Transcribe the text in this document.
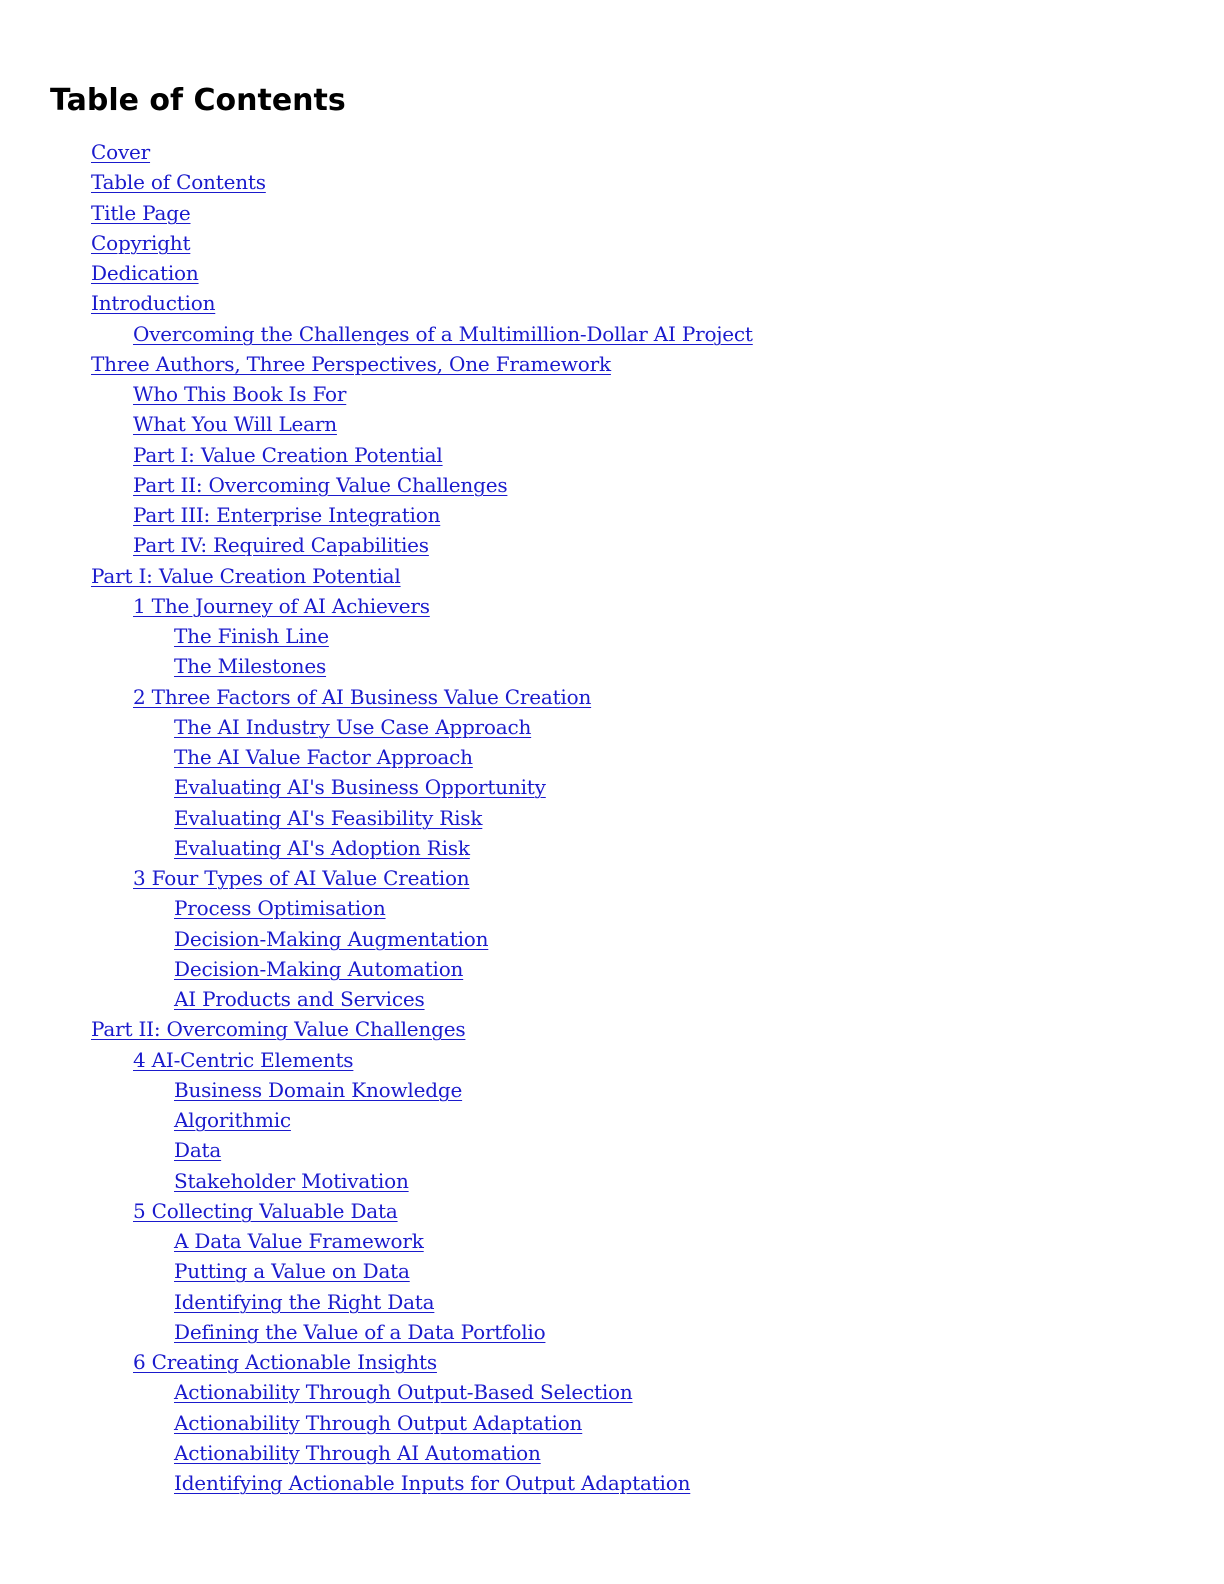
Table of Contents
Cover
Table of Contents
Title Page
Copyright
Dedication
Introduction
Overcoming the Challenges of a Multimillion-Dollar AI Project
Three Authors, Three Perspectives, One Framework
Who This Book Is For
What You Will Learn
Part I: Value Creation Potential
Part II: Overcoming Value Challenges
Part III: Enterprise Integration
Part IV: Required Capabilities
Part I: Value Creation Potential
1 The Journey of AI Achievers
The Finish Line
The Milestones
2 Three Factors of AI Business Value Creation
The AI Industry Use Case Approach
The AI Value Factor Approach
Evaluating AI's Business Opportunity
Evaluating AI's Feasibility Risk
Evaluating AI's Adoption Risk
3 Four Types of AI Value Creation
Process Optimisation
Decision-Making Augmentation
Decision-Making Automation
AI Products and Services
Part II: Overcoming Value Challenges
4 AI-Centric Elements
Business Domain Knowledge
Algorithmic
Data
Stakeholder Motivation
5 Collecting Valuable Data
A Data Value Framework
Putting a Value on Data
Identifying the Right Data
Defining the Value of a Data Portfolio
6 Creating Actionable Insights
Actionability Through Output-Based Selection
Actionability Through Output Adaptation
Actionability Through AI Automation
Identifying Actionable Inputs for Output Adaptation
